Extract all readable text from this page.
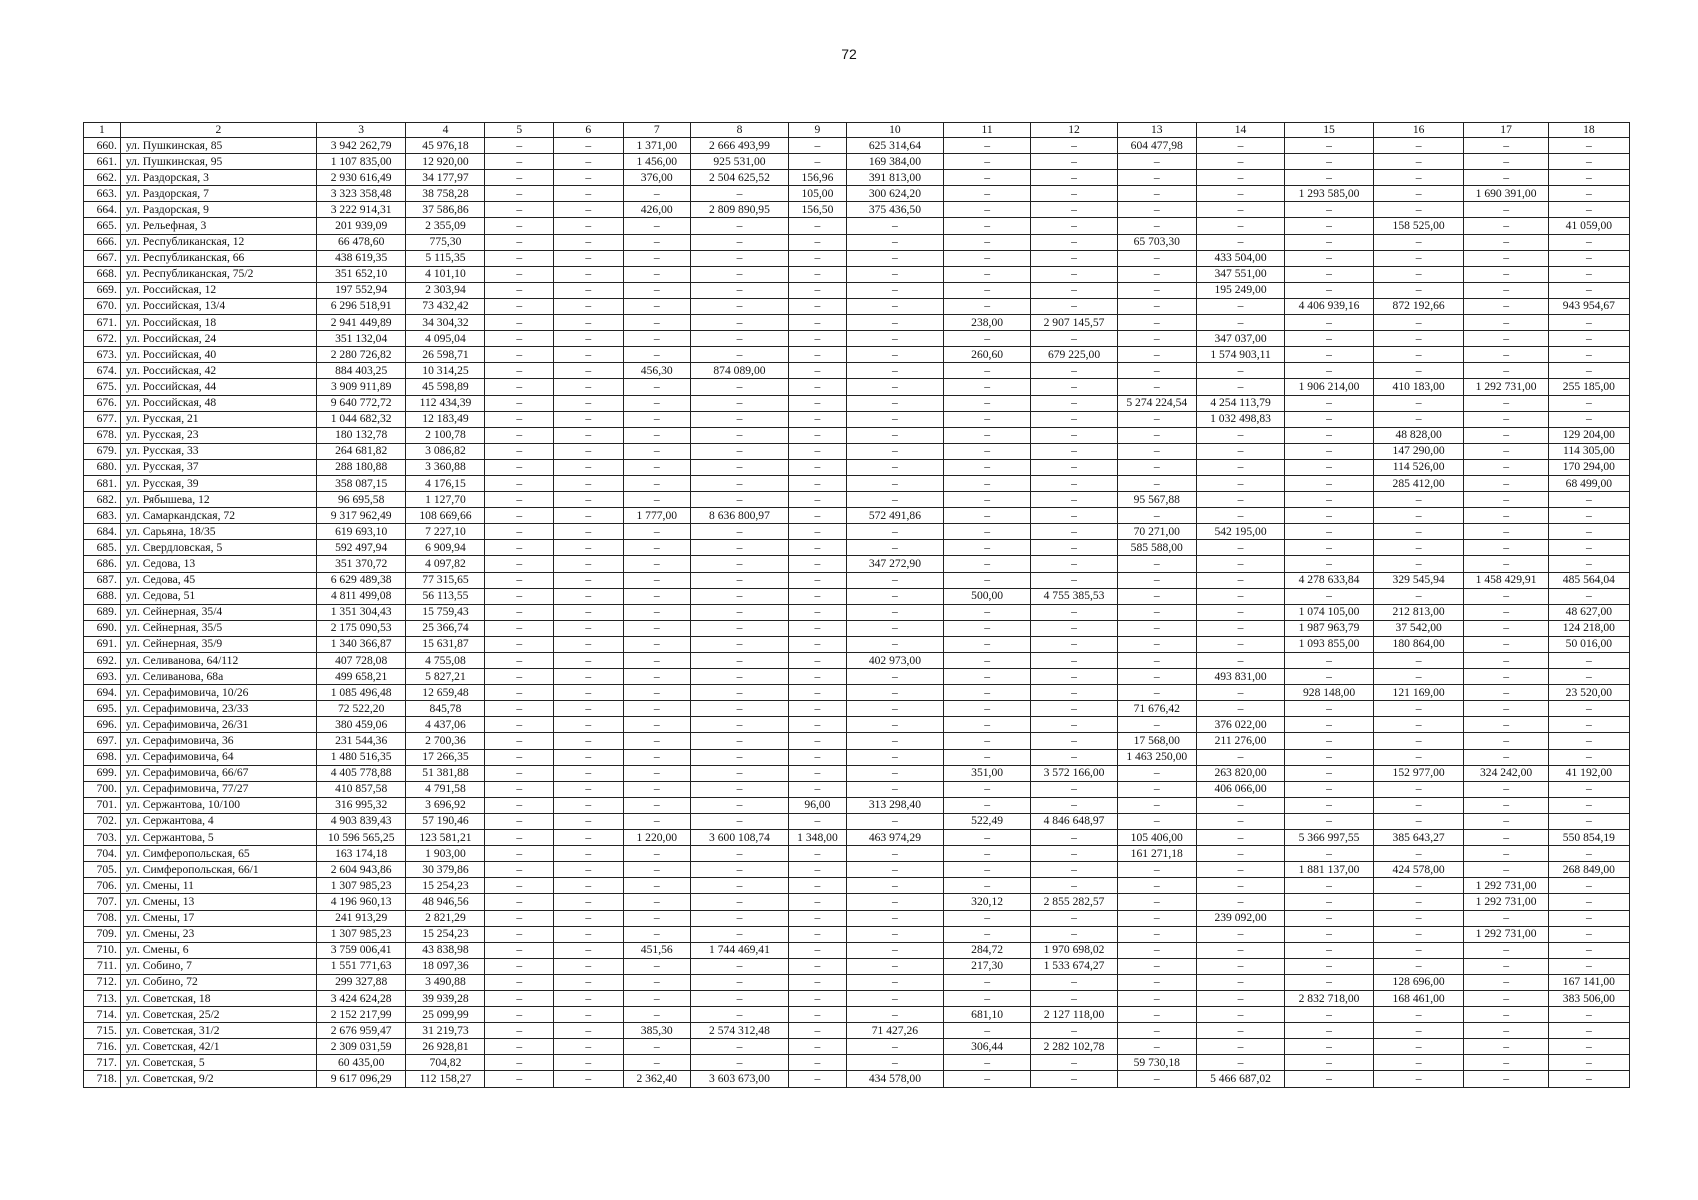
72
1	2	3	4	5	6	7	8	9	10	11	12	13	14	15	16	17	18
660.	ул. Пушкинская, 85	3 942 262,79	45 976,18	–	–	1 371,00	2 666 493,99	–	625 314,64	–	–	604 477,98	–	–	–	–	–
661.	ул. Пушкинская, 95	1 107 835,00	12 920,00	–	–	1 456,00	925 531,00	–	169 384,00	–	–	–	–	–	–	–	–
662.	ул. Раздорская, 3	2 930 616,49	34 177,97	–	–	376,00	2 504 625,52	156,96	391 813,00	–	–	–	–	–	–	–	–
663.	ул. Раздорская, 7	3 323 358,48	38 758,28	–	–	–	–	105,00	300 624,20	–	–	–	–	1 293 585,00	–	1 690 391,00	–
664.	ул. Раздорская, 9	3 222 914,31	37 586,86	–	–	426,00	2 809 890,95	156,50	375 436,50	–	–	–	–	–	–	–	–
665.	ул. Рельефная, 3	201 939,09	2 355,09	–	–	–	–	–	–	–	–	–	–	–	158 525,00	–	41 059,00
666.	ул. Республиканская, 12	66 478,60	775,30	–	–	–	–	–	–	–	–	65 703,30	–	–	–	–	–
667.	ул. Республиканская, 66	438 619,35	5 115,35	–	–	–	–	–	–	–	–	–	433 504,00	–	–	–	–
668.	ул. Республиканская, 75/2	351 652,10	4 101,10	–	–	–	–	–	–	–	–	–	347 551,00	–	–	–	–
669.	ул. Российская, 12	197 552,94	2 303,94	–	–	–	–	–	–	–	–	–	195 249,00	–	–	–	–
670.	ул. Российская, 13/4	6 296 518,91	73 432,42	–	–	–	–	–	–	–	–	–	–	4 406 939,16	872 192,66	–	943 954,67
671.	ул. Российская, 18	2 941 449,89	34 304,32	–	–	–	–	–	–	238,00	2 907 145,57	–	–	–	–	–	–
672.	ул. Российская, 24	351 132,04	4 095,04	–	–	–	–	–	–	–	–	–	347 037,00	–	–	–	–
673.	ул. Российская, 40	2 280 726,82	26 598,71	–	–	–	–	–	–	260,60	679 225,00	–	1 574 903,11	–	–	–	–
674.	ул. Российская, 42	884 403,25	10 314,25	–	–	456,30	874 089,00	–	–	–	–	–	–	–	–	–	–
675.	ул. Российская, 44	3 909 911,89	45 598,89	–	–	–	–	–	–	–	–	–	–	1 906 214,00	410 183,00	1 292 731,00	255 185,00
676.	ул. Российская, 48	9 640 772,72	112 434,39	–	–	–	–	–	–	–	–	5 274 224,54	4 254 113,79	–	–	–	–
677.	ул. Русская, 21	1 044 682,32	12 183,49	–	–	–	–	–	–	–	–	–	1 032 498,83	–	–	–	–
678.	ул. Русская, 23	180 132,78	2 100,78	–	–	–	–	–	–	–	–	–	–	–	48 828,00	–	129 204,00
679.	ул. Русская, 33	264 681,82	3 086,82	–	–	–	–	–	–	–	–	–	–	–	147 290,00	–	114 305,00
680.	ул. Русская, 37	288 180,88	3 360,88	–	–	–	–	–	–	–	–	–	–	–	114 526,00	–	170 294,00
681.	ул. Русская, 39	358 087,15	4 176,15	–	–	–	–	–	–	–	–	–	–	–	285 412,00	–	68 499,00
682.	ул. Рябышева, 12	96 695,58	1 127,70	–	–	–	–	–	–	–	–	95 567,88	–	–	–	–	–
683.	ул. Самаркандская, 72	9 317 962,49	108 669,66	–	–	1 777,00	8 636 800,97	–	572 491,86	–	–	–	–	–	–	–	–
684.	ул. Сарьяна, 18/35	619 693,10	7 227,10	–	–	–	–	–	–	–	–	70 271,00	542 195,00	–	–	–	–
685.	ул. Свердловская, 5	592 497,94	6 909,94	–	–	–	–	–	–	–	–	585 588,00	–	–	–	–	–
686.	ул. Седова, 13	351 370,72	4 097,82	–	–	–	–	–	347 272,90	–	–	–	–	–	–	–	–
687.	ул. Седова, 45	6 629 489,38	77 315,65	–	–	–	–	–	–	–	–	–	–	4 278 633,84	329 545,94	1 458 429,91	485 564,04
688.	ул. Седова, 51	4 811 499,08	56 113,55	–	–	–	–	–	–	500,00	4 755 385,53	–	–	–	–	–	–
689.	ул. Сейнерная, 35/4	1 351 304,43	15 759,43	–	–	–	–	–	–	–	–	–	–	1 074 105,00	212 813,00	–	48 627,00
690.	ул. Сейнерная, 35/5	2 175 090,53	25 366,74	–	–	–	–	–	–	–	–	–	–	1 987 963,79	37 542,00	–	124 218,00
691.	ул. Сейнерная, 35/9	1 340 366,87	15 631,87	–	–	–	–	–	–	–	–	–	–	1 093 855,00	180 864,00	–	50 016,00
692.	ул. Селиванова, 64/112	407 728,08	4 755,08	–	–	–	–	–	402 973,00	–	–	–	–	–	–	–	–
693.	ул. Селиванова, 68а	499 658,21	5 827,21	–	–	–	–	–	–	–	–	–	493 831,00	–	–	–	–
694.	ул. Серафимовича, 10/26	1 085 496,48	12 659,48	–	–	–	–	–	–	–	–	–	–	928 148,00	121 169,00	–	23 520,00
695.	ул. Серафимовича, 23/33	72 522,20	845,78	–	–	–	–	–	–	–	–	71 676,42	–	–	–	–	–
696.	ул. Серафимовича, 26/31	380 459,06	4 437,06	–	–	–	–	–	–	–	–	–	376 022,00	–	–	–	–
697.	ул. Серафимовича, 36	231 544,36	2 700,36	–	–	–	–	–	–	–	–	17 568,00	211 276,00	–	–	–	–
698.	ул. Серафимовича, 64	1 480 516,35	17 266,35	–	–	–	–	–	–	–	–	1 463 250,00	–	–	–	–	–
699.	ул. Серафимовича, 66/67	4 405 778,88	51 381,88	–	–	–	–	–	–	351,00	3 572 166,00	–	263 820,00	–	152 977,00	324 242,00	41 192,00
700.	ул. Серафимовича, 77/27	410 857,58	4 791,58	–	–	–	–	–	–	–	–	–	406 066,00	–	–	–	–
701.	ул. Сержантова, 10/100	316 995,32	3 696,92	–	–	–	–	96,00	313 298,40	–	–	–	–	–	–	–	–
702.	ул. Сержантова, 4	4 903 839,43	57 190,46	–	–	–	–	–	–	522,49	4 846 648,97	–	–	–	–	–	–
703.	ул. Сержантова, 5	10 596 565,25	123 581,21	–	–	1 220,00	3 600 108,74	1 348,00	463 974,29	–	–	105 406,00	–	5 366 997,55	385 643,27	–	550 854,19
704.	ул. Симферопольская, 65	163 174,18	1 903,00	–	–	–	–	–	–	–	–	161 271,18	–	–	–	–	–
705.	ул. Симферопольская, 66/1	2 604 943,86	30 379,86	–	–	–	–	–	–	–	–	–	–	1 881 137,00	424 578,00	–	268 849,00
706.	ул. Смены, 11	1 307 985,23	15 254,23	–	–	–	–	–	–	–	–	–	–	–	–	1 292 731,00	–
707.	ул. Смены, 13	4 196 960,13	48 946,56	–	–	–	–	–	–	320,12	2 855 282,57	–	–	–	–	1 292 731,00	–
708.	ул. Смены, 17	241 913,29	2 821,29	–	–	–	–	–	–	–	–	–	239 092,00	–	–	–	–
709.	ул. Смены, 23	1 307 985,23	15 254,23	–	–	–	–	–	–	–	–	–	–	–	–	1 292 731,00	–
710.	ул. Смены, 6	3 759 006,41	43 838,98	–	–	451,56	1 744 469,41	–	–	284,72	1 970 698,02	–	–	–	–	–	–
711.	ул. Собино, 7	1 551 771,63	18 097,36	–	–	–	–	–	–	217,30	1 533 674,27	–	–	–	–	–	–
712.	ул. Собино, 72	299 327,88	3 490,88	–	–	–	–	–	–	–	–	–	–	–	128 696,00	–	167 141,00
713.	ул. Советская, 18	3 424 624,28	39 939,28	–	–	–	–	–	–	–	–	–	–	2 832 718,00	168 461,00	–	383 506,00
714.	ул. Советская, 25/2	2 152 217,99	25 099,99	–	–	–	–	–	–	681,10	2 127 118,00	–	–	–	–	–	–
715.	ул. Советская, 31/2	2 676 959,47	31 219,73	–	–	385,30	2 574 312,48	–	71 427,26	–	–	–	–	–	–	–	–
716.	ул. Советская, 42/1	2 309 031,59	26 928,81	–	–	–	–	–	–	306,44	2 282 102,78	–	–	–	–	–	–
717.	ул. Советская, 5	60 435,00	704,82	–	–	–	–	–	–	–	–	59 730,18	–	–	–	–	–
718.	ул. Советская, 9/2	9 617 096,29	112 158,27	–	–	2 362,40	3 603 673,00	–	434 578,00	–	–	–	5 466 687,02	–	–	–	–
